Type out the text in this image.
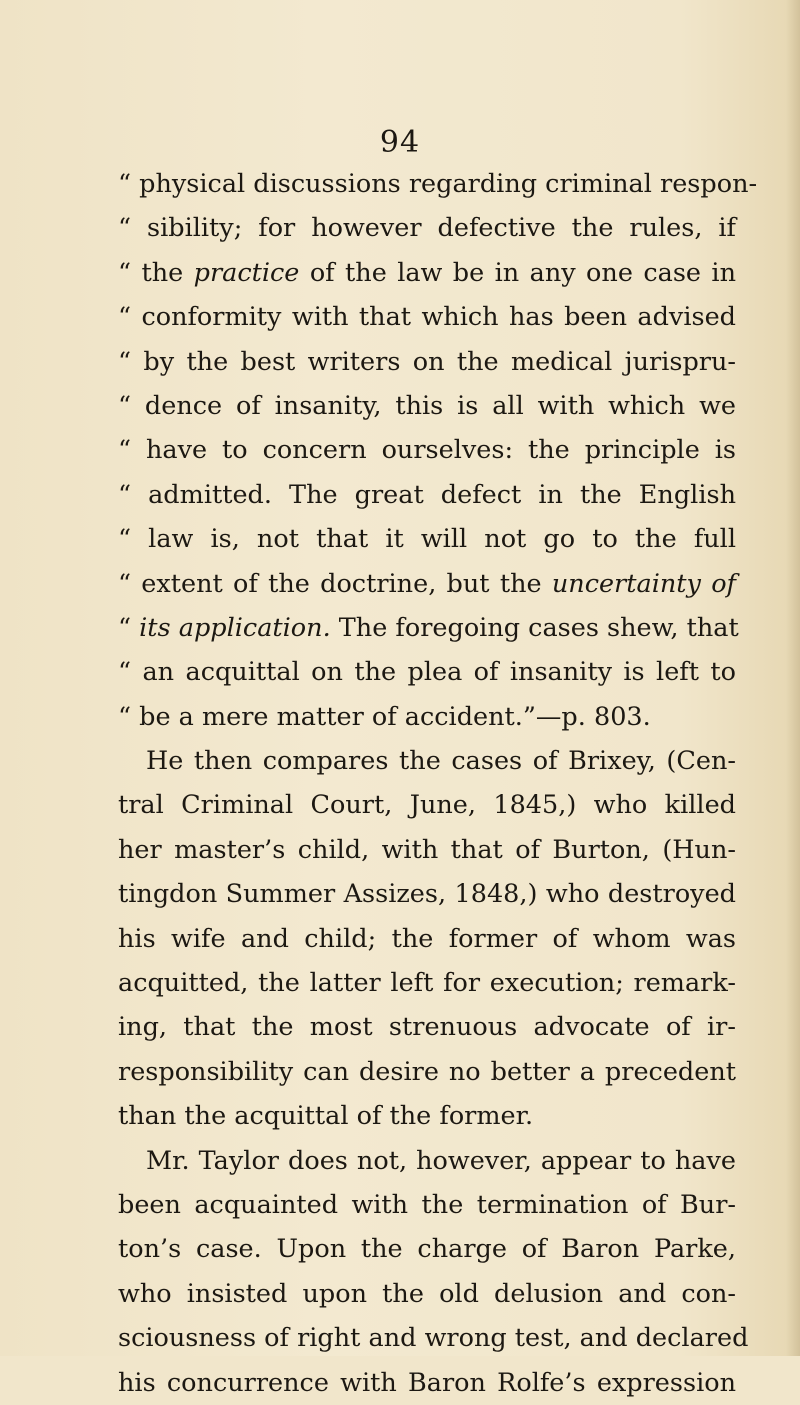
94
“ physical discussions regarding criminal respon-
“ sibility; for however defective the rules, if
“ the practice of the law be in any one case in
“ conformity with that which has been advised
“ by the best writers on the medical jurispru-
“ dence of insanity, this is all with which we
“ have to concern ourselves: the principle is
“ admitted. The great defect in the English
“ law is, not that it will not go to the full
“ extent of the doctrine, but the uncertainty of
“ its application. The foregoing cases shew, that
“ an acquittal on the plea of insanity is left to
“ be a mere matter of accident.”—p. 803.
He then compares the cases of Brixey, (Cen-
tral Criminal Court, June, 1845,) who killed
her master’s child, with that of Burton, (Hun-
tingdon Summer Assizes, 1848,) who destroyed
his wife and child; the former of whom was
acquitted, the latter left for execution; remark-
ing, that the most strenuous advocate of ir-
responsibility can desire no better a precedent
than the acquittal of the former.
Mr. Taylor does not, however, appear to have
been acquainted with the termination of Bur-
ton’s case. Upon the charge of Baron Parke,
who insisted upon the old delusion and con-
sciousness of right and wrong test, and declared
his concurrence with Baron Rolfe’s expression
